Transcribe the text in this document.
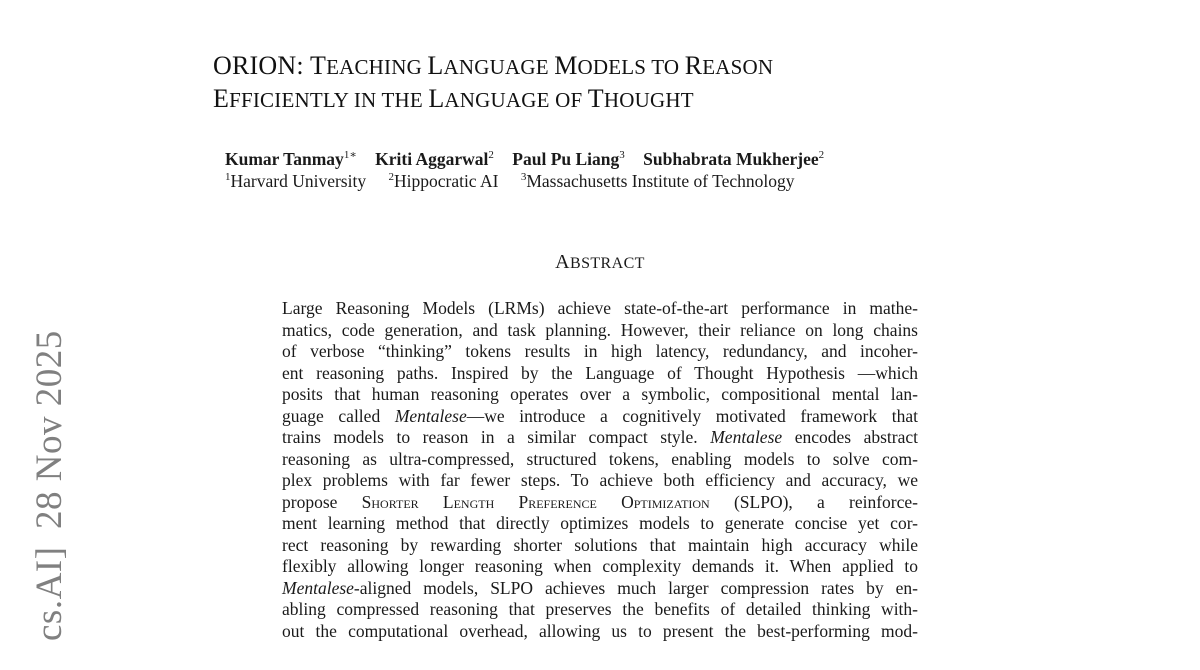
cs.AI]
28 Nov 2025
ORION: TEACHING LANGUAGE MODELS TO REASON
EFFICIENTLY IN THE LANGUAGE OF THOUGHT
Kumar Tanmay$^{1∗}$ Kriti Aggarwal$^2$ Paul Pu Liang$^3$ Subhabrata Mukherjee$^2$
$^1$Harvard University $^2$Hippocratic AI $^3$Massachusetts Institute of Technology
ABSTRACT
Large Reasoning Models (LRMs) achieve state-of-the-art performance in mathe-
matics, code generation, and task planning. However, their reliance on long chains
of verbose “thinking” tokens results in high latency, redundancy, and incoher-
ent reasoning paths. Inspired by the Language of Thought Hypothesis —which
posits that human reasoning operates over a symbolic, compositional mental lan-
guage called Mentalese—we introduce a cognitively motivated framework that
trains models to reason in a similar compact style. Mentalese encodes abstract
reasoning as ultra-compressed, structured tokens, enabling models to solve com-
plex problems with far fewer steps. To achieve both efficiency and accuracy, we
propose Shorter Length Preference Optimization (SLPO), a reinforce-
ment learning method that directly optimizes models to generate concise yet cor-
rect reasoning by rewarding shorter solutions that maintain high accuracy while
flexibly allowing longer reasoning when complexity demands it. When applied to
Mentalese-aligned models, SLPO achieves much larger compression rates by en-
abling compressed reasoning that preserves the benefits of detailed thinking with-
out the computational overhead, allowing us to present the best-performing mod-
